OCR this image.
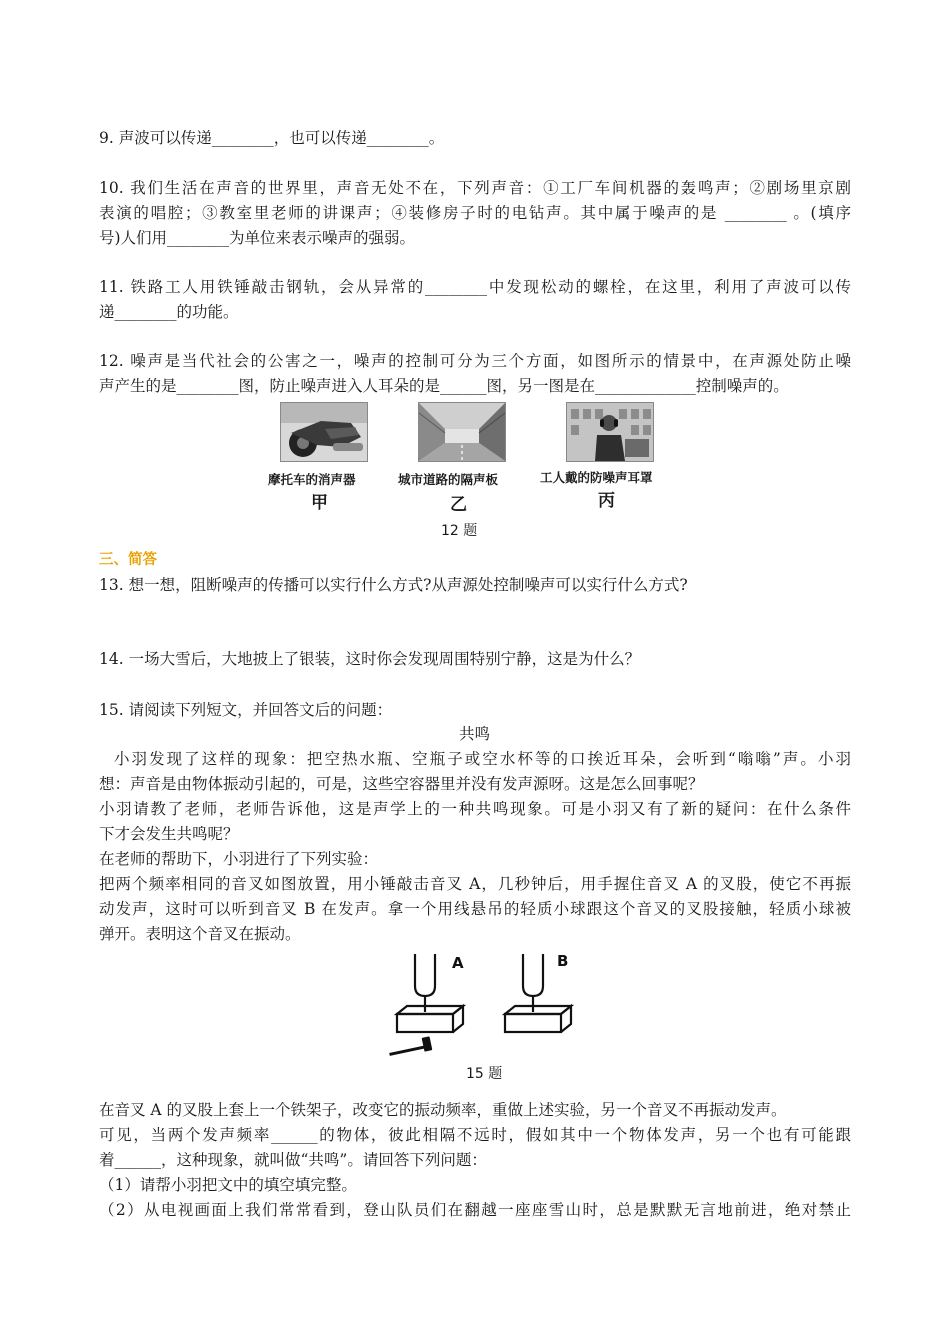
9. 声波可以传递________，也可以传递________。
10. 我们生活在声音的世界里，声音无处不在，下列声音：①工厂车间机器的轰鸣声；②剧场里京剧
表演的唱腔；③教室里老师的讲课声；④装修房子时的电钻声。其中属于噪声的是 ________ 。(填序
号)人们用________为单位来表示噪声的强弱。
11. 铁路工人用铁锤敲击钢轨，会从异常的________中发现松动的螺栓，在这里，利用了声波可以传
递________的功能。
12. 噪声是当代社会的公害之一，噪声的控制可分为三个方面，如图所示的情景中，在声源处防止噪
声产生的是________图，防止噪声进入人耳朵的是______图，另一图是在_____________控制噪声的。
摩托车的消声器	城市道路的隔声板	工人戴的防噪声耳罩
甲	乙	丙
12 题
三、简答
13. 想一想，阻断噪声的传播可以实行什么方式?从声源处控制噪声可以实行什么方式?
14. 一场大雪后，大地披上了银装，这时你会发现周围特别宁静，这是为什么？
15. 请阅读下列短文，并回答文后的问题：
共鸣
小羽发现了这样的现象：把空热水瓶、空瓶子或空水杯等的口挨近耳朵，会听到“嗡嗡”声。小羽
想：声音是由物体振动引起的，可是，这些空容器里并没有发声源呀。这是怎么回事呢？
小羽请教了老师，老师告诉他，这是声学上的一种共鸣现象。可是小羽又有了新的疑问：在什么条件
下才会发生共鸣呢？
在老师的帮助下，小羽进行了下列实验：
把两个频率相同的音叉如图放置，用小锤敲击音叉 A，几秒钟后，用手握住音叉 A 的叉股，使它不再振
动发声，这时可以听到音叉 B 在发声。拿一个用线悬吊的轻质小球跟这个音叉的叉股接触，轻质小球被
弹开。表明这个音叉在振动。
A	B
15 题
在音叉 A 的叉股上套上一个铁架子，改变它的振动频率，重做上述实验，另一个音叉不再振动发声。
可见，当两个发声频率______的物体，彼此相隔不远时，假如其中一个物体发声，另一个也有可能跟
着______，这种现象，就叫做“共鸣”。请回答下列问题：
（1）请帮小羽把文中的填空填完整。
（2）从电视画面上我们常常看到，登山队员们在翻越一座座雪山时，总是默默无言地前进，绝对禁止
